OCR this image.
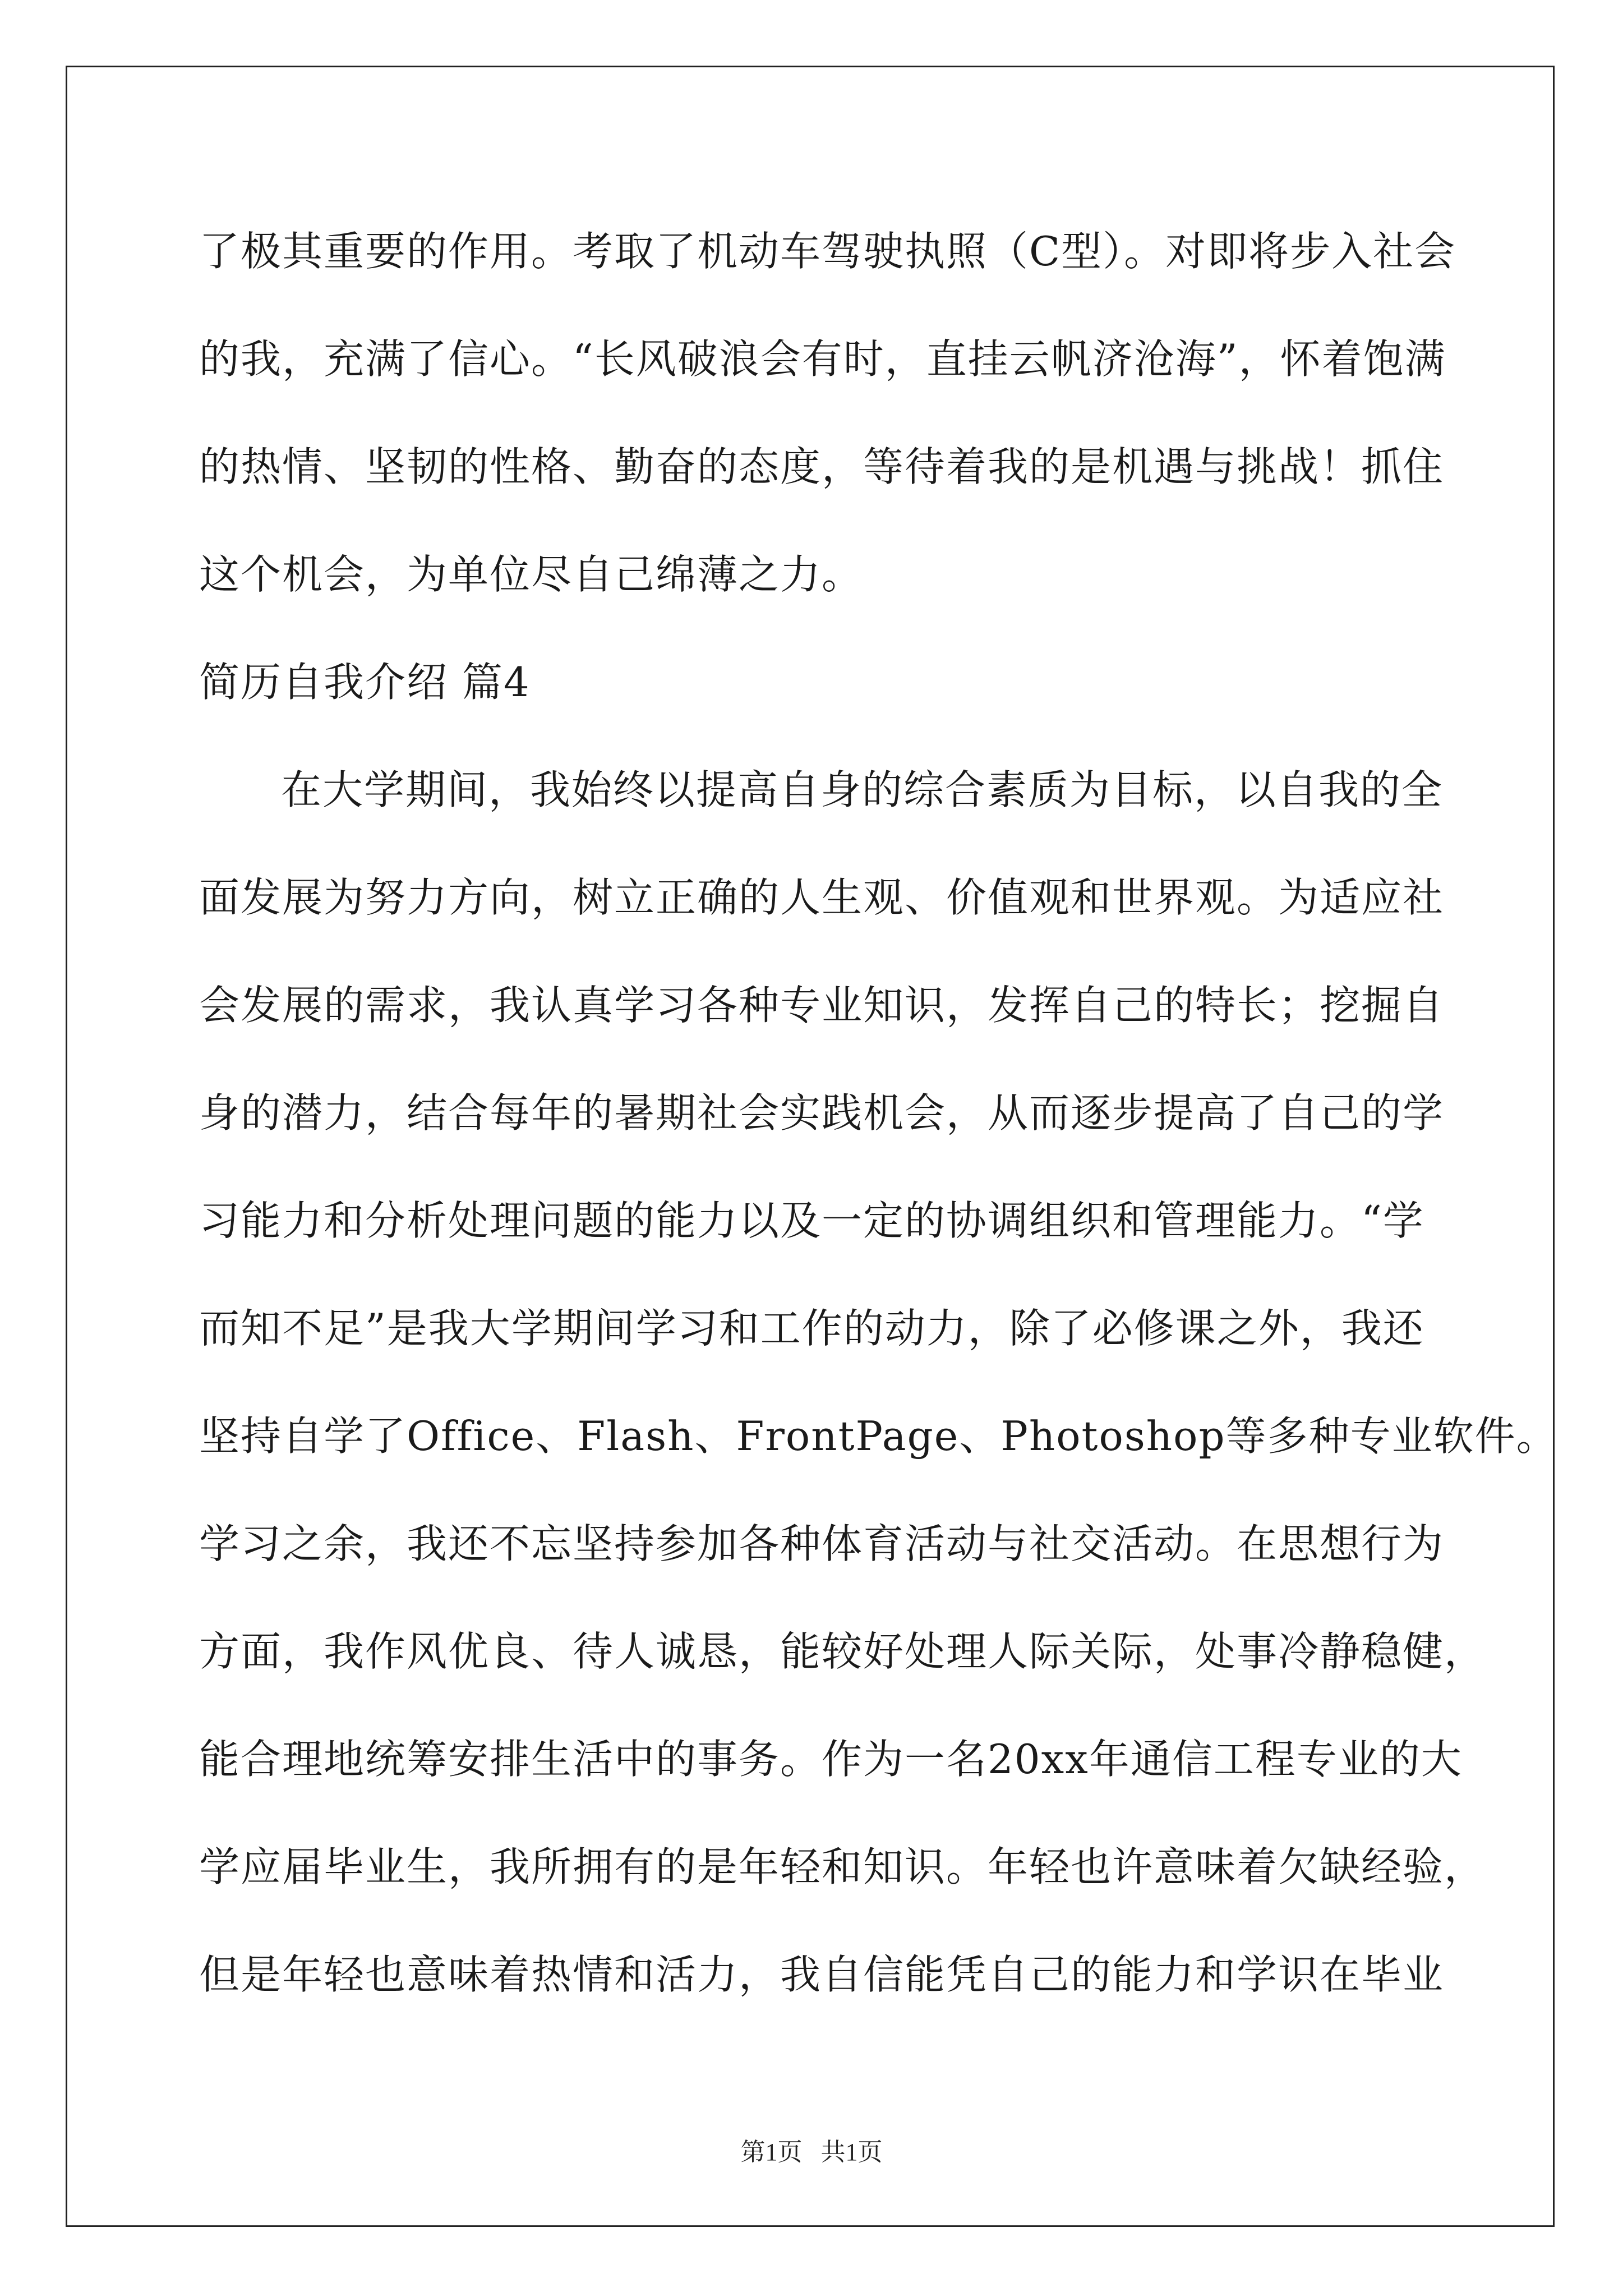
了极其重要的作用。考取了机动车驾驶执照（C型）。对即将步入社会
的我，充满了信心。“长风破浪会有时，直挂云帆济沧海”，怀着饱满
的热情、坚韧的性格、勤奋的态度，等待着我的是机遇与挑战！抓住
这个机会，为单位尽自己绵薄之力。
简历自我介绍 篇4
在大学期间，我始终以提高自身的综合素质为目标，以自我的全
面发展为努力方向，树立正确的人生观、价值观和世界观。为适应社
会发展的需求，我认真学习各种专业知识，发挥自己的特长；挖掘自
身的潜力，结合每年的暑期社会实践机会，从而逐步提高了自己的学
习能力和分析处理问题的能力以及一定的协调组织和管理能力。“学
而知不足”是我大学期间学习和工作的动力，除了必修课之外，我还
坚持自学了Office、Flash、FrontPage、Photoshop等多种专业软件。
学习之余，我还不忘坚持参加各种体育活动与社交活动。在思想行为
方面，我作风优良、待人诚恳，能较好处理人际关际，处事冷静稳健，
能合理地统筹安排生活中的事务。作为一名20xx年通信工程专业的大
学应届毕业生，我所拥有的是年轻和知识。年轻也许意味着欠缺经验，
但是年轻也意味着热情和活力，我自信能凭自己的能力和学识在毕业
第1页   共1页
